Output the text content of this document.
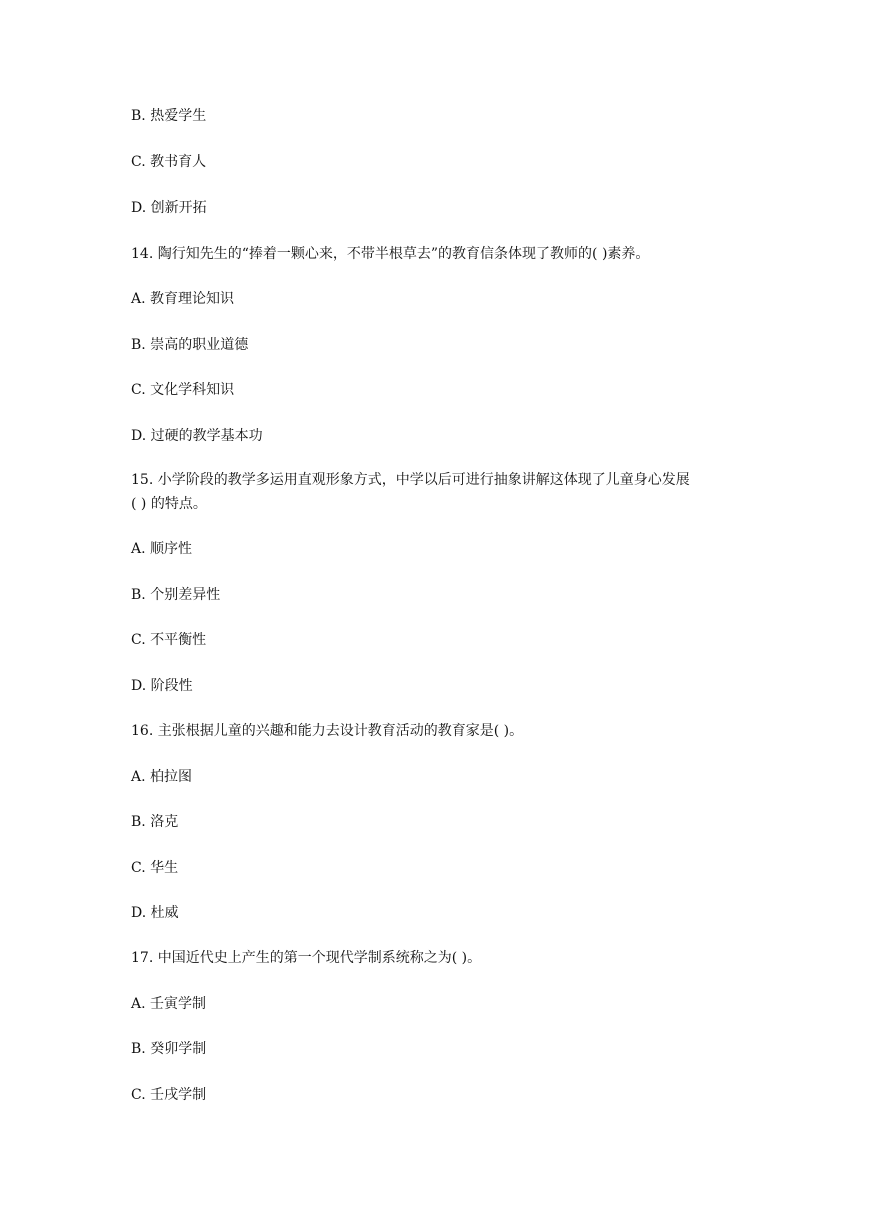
B. 热爱学生

C. 教书育人

D. 创新开拓

14. 陶行知先生的“捧着一颗心来，不带半根草去”的教育信条体现了教师的( )素养。

A. 教育理论知识

B. 崇高的职业道德

C. 文化学科知识

D. 过硬的教学基本功

15. 小学阶段的教学多运用直观形象方式，中学以后可进行抽象讲解这体现了儿童身心发展

( ) 的特点。

A. 顺序性

B. 个别差异性

C. 不平衡性

D. 阶段性

16. 主张根据儿童的兴趣和能力去设计教育活动的教育家是( )。

A. 柏拉图

B. 洛克

C. 华生

D. 杜威

17. 中国近代史上产生的第一个现代学制系统称之为( )。

A. 壬寅学制

B. 癸卯学制

C. 壬戌学制
